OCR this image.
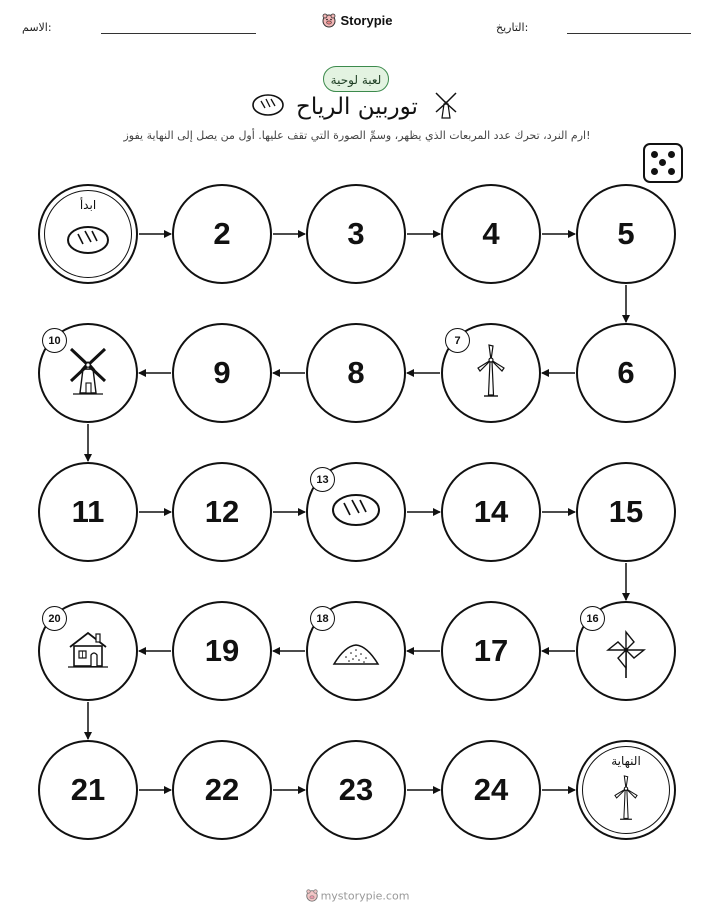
الاسم:	Storypie	التاريخ:
لعبة لوحية
توربين الرياح
ارم النرد، تحرك عدد المربعات الذي يظهر، وسمِّ الصورة التي تقف عليها. أول من يصل إلى النهاية يفوز!
ابدأ
2	3	4	5
6
7
8
9
10
11	12
13
14	15
16
17
18
19
20
21	22	23	24
النهاية
mystorypie.com
